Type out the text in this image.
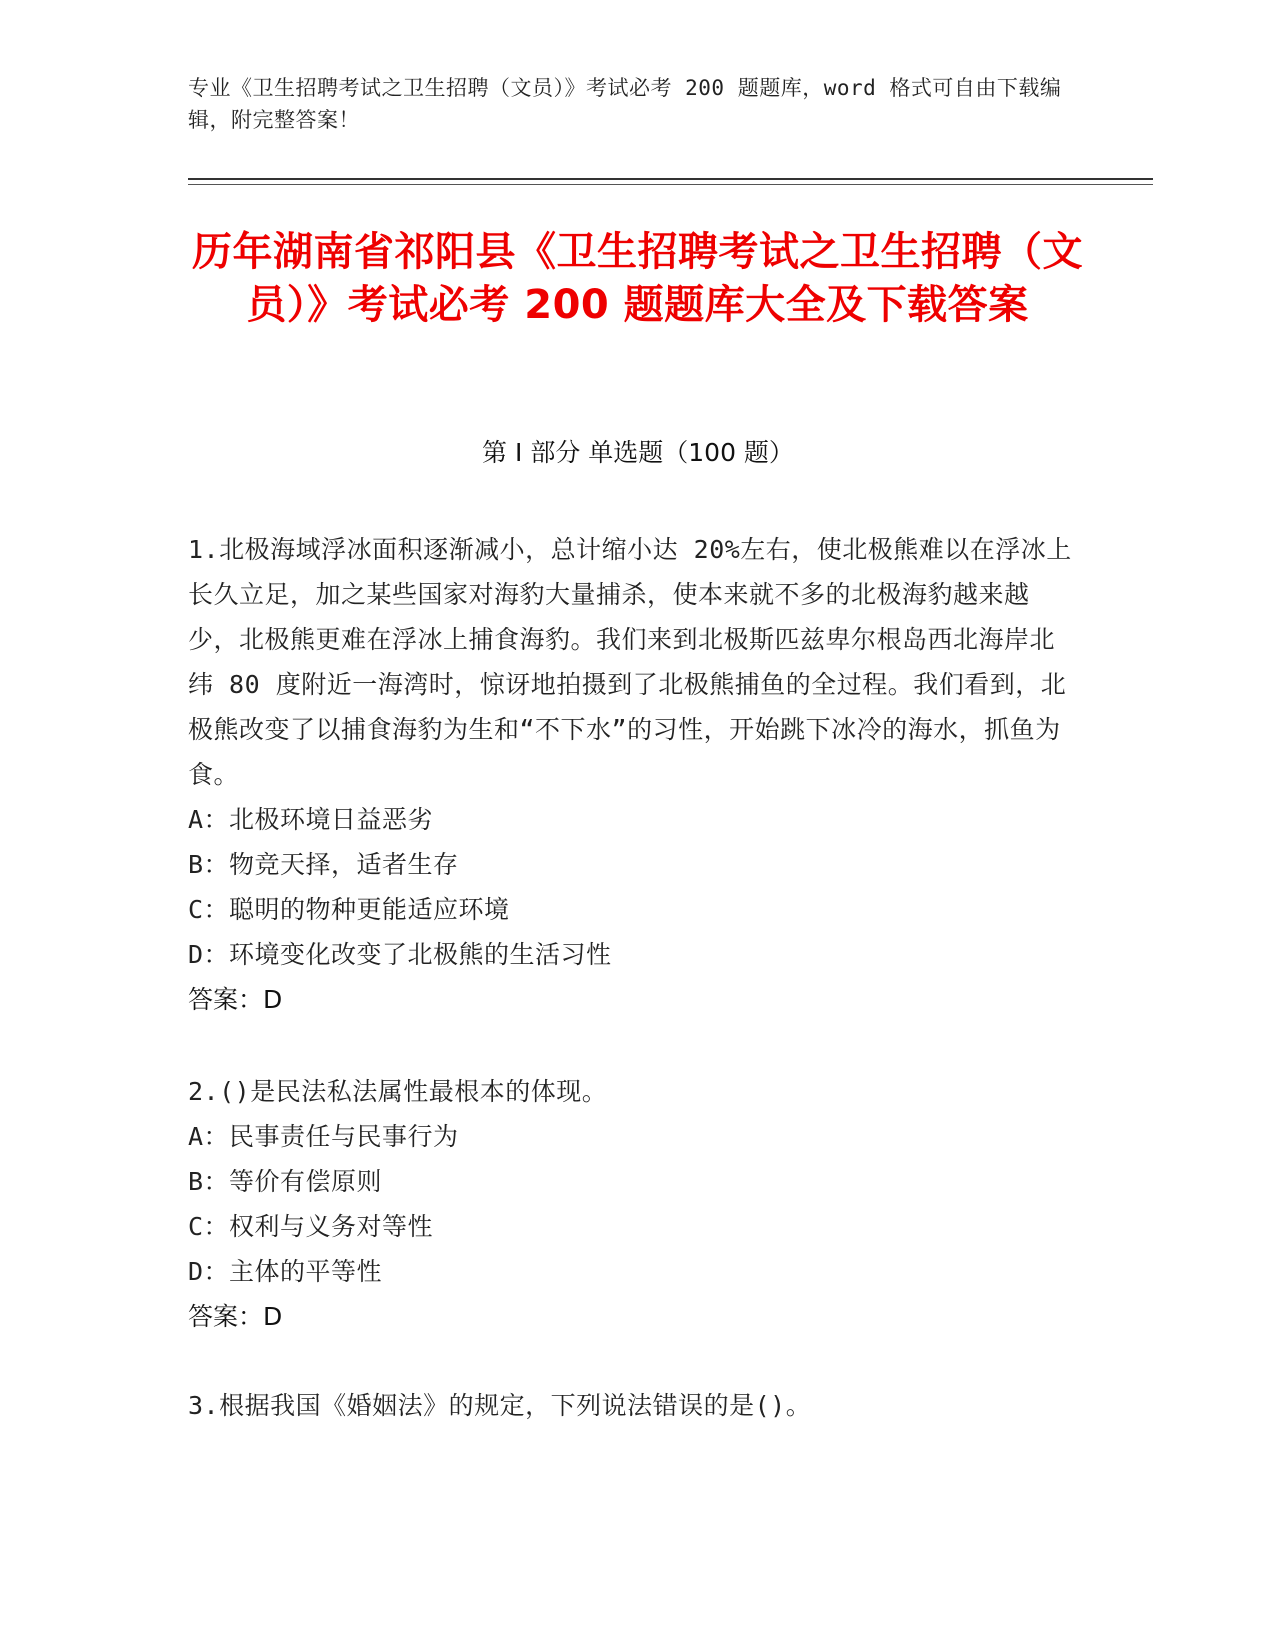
专业《卫生招聘考试之卫生招聘（文员）》考试必考 200 题题库，word 格式可自由下载编辑，附完整答案！
历年湖南省祁阳县《卫生招聘考试之卫生招聘（文员）》考试必考 200 题题库大全及下载答案
第 I 部分 单选题（100 题）
1.北极海域浮冰面积逐渐减小，总计缩小达 20%左右，使北极熊难以在浮冰上长久立足，加之某些国家对海豹大量捕杀，使本来就不多的北极海豹越来越少，北极熊更难在浮冰上捕食海豹。我们来到北极斯匹兹卑尔根岛西北海岸北纬 80 度附近一海湾时，惊讶地拍摄到了北极熊捕鱼的全过程。我们看到，北极熊改变了以捕食海豹为生和“不下水”的习性，开始跳下冰冷的海水，抓鱼为食。
A：北极环境日益恶劣
B：物竞天择，适者生存
C：聪明的物种更能适应环境
D：环境变化改变了北极熊的生活习性
答案：D
2.()是民法私法属性最根本的体现。
A：民事责任与民事行为
B：等价有偿原则
C：权利与义务对等性
D：主体的平等性
答案：D
3.根据我国《婚姻法》的规定，下列说法错误的是()。
